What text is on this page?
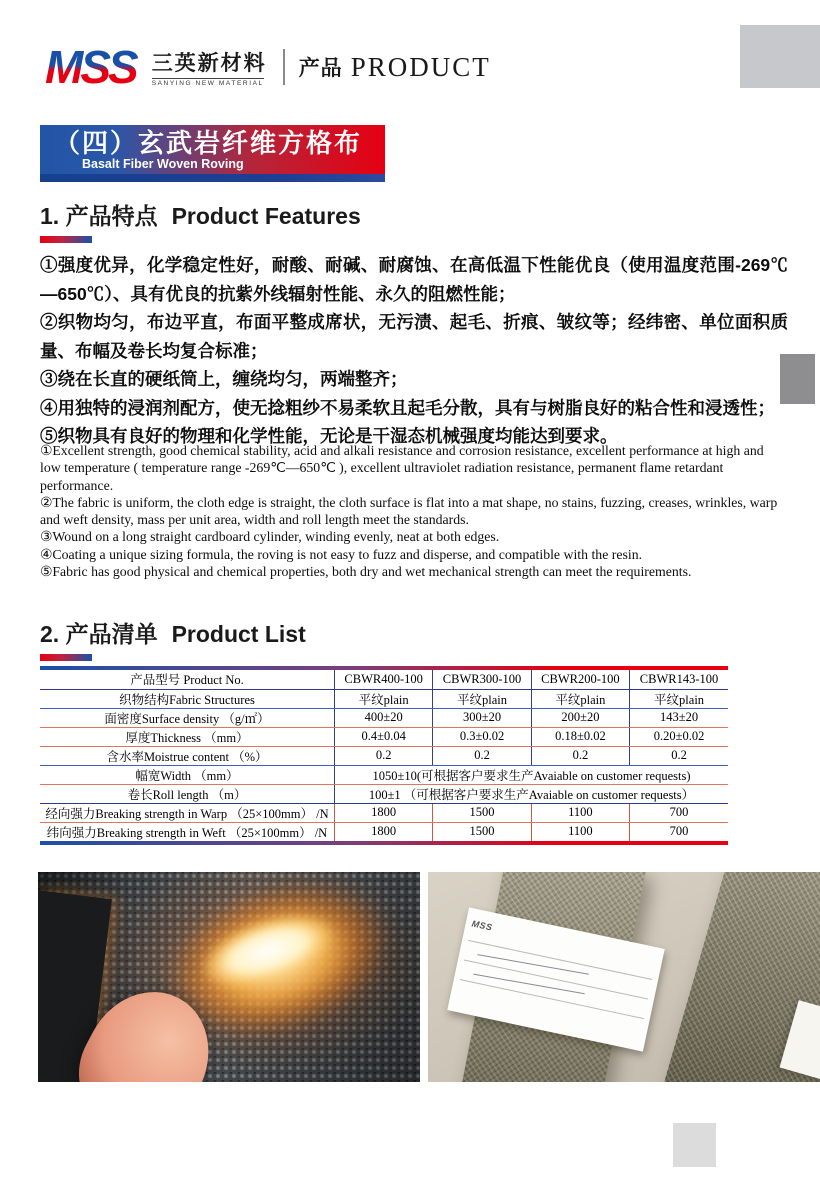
MSS 三英新材料
SANYING NEW MATERIAL
产品 PRODUCT
（四）玄武岩纤维方格布
Basalt Fiber Woven Roving
1. 产品特点 Product Features

①强度优异，化学稳定性好，耐酸、耐碱、耐腐蚀、在高低温下性能优良（使用温度范围-269℃—650℃）、具有优良的抗紫外线辐射性能、永久的阻燃性能；

②织物均匀，布边平直，布面平整成席状，无污渍、起毛、折痕、皱纹等；经纬密、单位面积质量、布幅及卷长均复合标准；

③绕在长直的硬纸筒上，缠绕均匀，两端整齐；

④用独特的浸润剂配方，使无捻粗纱不易柔软且起毛分散，具有与树脂良好的粘合性和浸透性；

⑤织物具有良好的物理和化学性能，无论是干湿态机械强度均能达到要求。

①Excellent strength, good chemical stability, acid and alkali resistance and corrosion resistance, excellent performance at high and low temperature ( temperature range -269℃—650℃ ), excellent ultraviolet radiation resistance, permanent flame retardant performance.

②The fabric is uniform, the cloth edge is straight, the cloth surface is flat into a mat shape, no stains, fuzzing, creases, wrinkles, warp and weft density, mass per unit area, width and roll length meet the standards.

③Wound on a long straight cardboard cylinder, winding evenly, neat at both edges.

④Coating a unique sizing formula, the roving is not easy to fuzz and disperse, and compatible with the resin.

⑤Fabric has good physical and chemical properties, both dry and wet mechanical strength can meet the requirements.

2. 产品清单 Product List
产品型号 Product No.	CBWR400-100	CBWR300-100	CBWR200-100	CBWR143-100
织物结构Fabric Structures	平纹plain	平纹plain	平纹plain	平纹plain
面密度Surface density （g/㎡）	400±20	300±20	200±20	143±20
厚度Thickness （mm）	0.4±0.04	0.3±0.02	0.18±0.02	0.20±0.02
含水率Moistrue content （%）	0.2	0.2	0.2	0.2
幅宽Width （mm）	1050±10(可根据客户要求生产Avaiable on customer requests)			
卷长Roll length （m）	100±1 （可根据客户要求生产Avaiable on customer requests）			
经向强力Breaking strength in Warp （25×100mm） /N	1800	1500	1100	700
纬向强力Breaking strength in Weft （25×100mm） /N	1800	1500	1100	700
MSS
